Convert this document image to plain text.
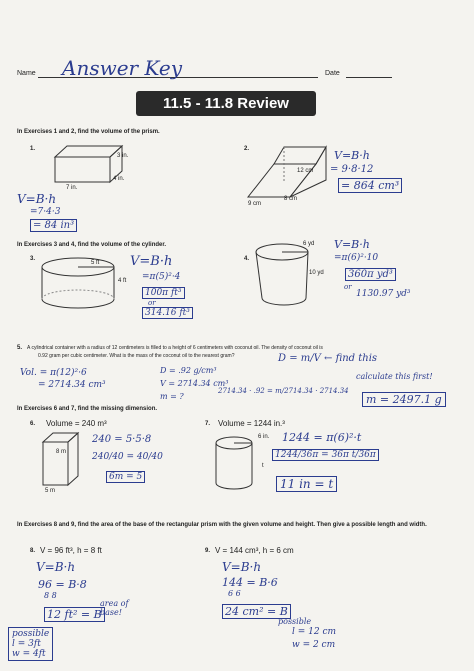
Name Answer Key	Date
11.5 - 11.8 Review
In Exercises 1 and 2, find the volume of the prism.
1.
3 in.
4 in.
7 in.
V=B·h
=7·4·3
= 84 in³
2.
12 cm
8 cm
9 cm
V=B·h
= 9·8·12
= 864 cm³
In Exercises 3 and 4, find the volume of the cylinder.
3.
5 ft
4 ft
V=B·h
=π(5)²·4
100π ft³
or
314.16 ft³
4.
6 yd
10 yd
V=B·h
=π(6)²·10
360π yd³
or
1130.97 yd³
5. A cylindrical container with a radius of 12 centimeters is filled to a height of 6 centimeters with coconut oil. The density of coconut oil is
0.92 gram per cubic centimeter. What is the mass of the coconut oil to the nearest gram?	D = m/V ← find this
calculate this first!
Vol. = π(12)²·6
= 2714.34 cm³
D = .92 g/cm³
V = 2714.34 cm³
m = ?
2714.34 · .92 = m/2714.34 · 2714.34
m = 2497.1 g
In Exercises 6 and 7, find the missing dimension.
6. Volume = 240 m³
8 m
5 m
240 = 5·5·8
240/40 = 40/40
6m = 5
7. Volume = 1244 in.³
6 in.
t
1244 = π(6)²·t
1244/36π = 36π t/36π
11 in = t
In Exercises 8 and 9, find the area of the base of the rectangular prism with the given volume and height. Then give a possible length and width.
8. V = 96 ft³, h = 8 ft
V=B·h
96 = B·8
8 8
12 ft² = B
area of base!
possible
l = 3ft
w = 4ft
9. V = 144 cm³, h = 6 cm
V=B·h
144 = B·6
6 6
24 cm² = B
possible
l = 12 cm
w = 2 cm
